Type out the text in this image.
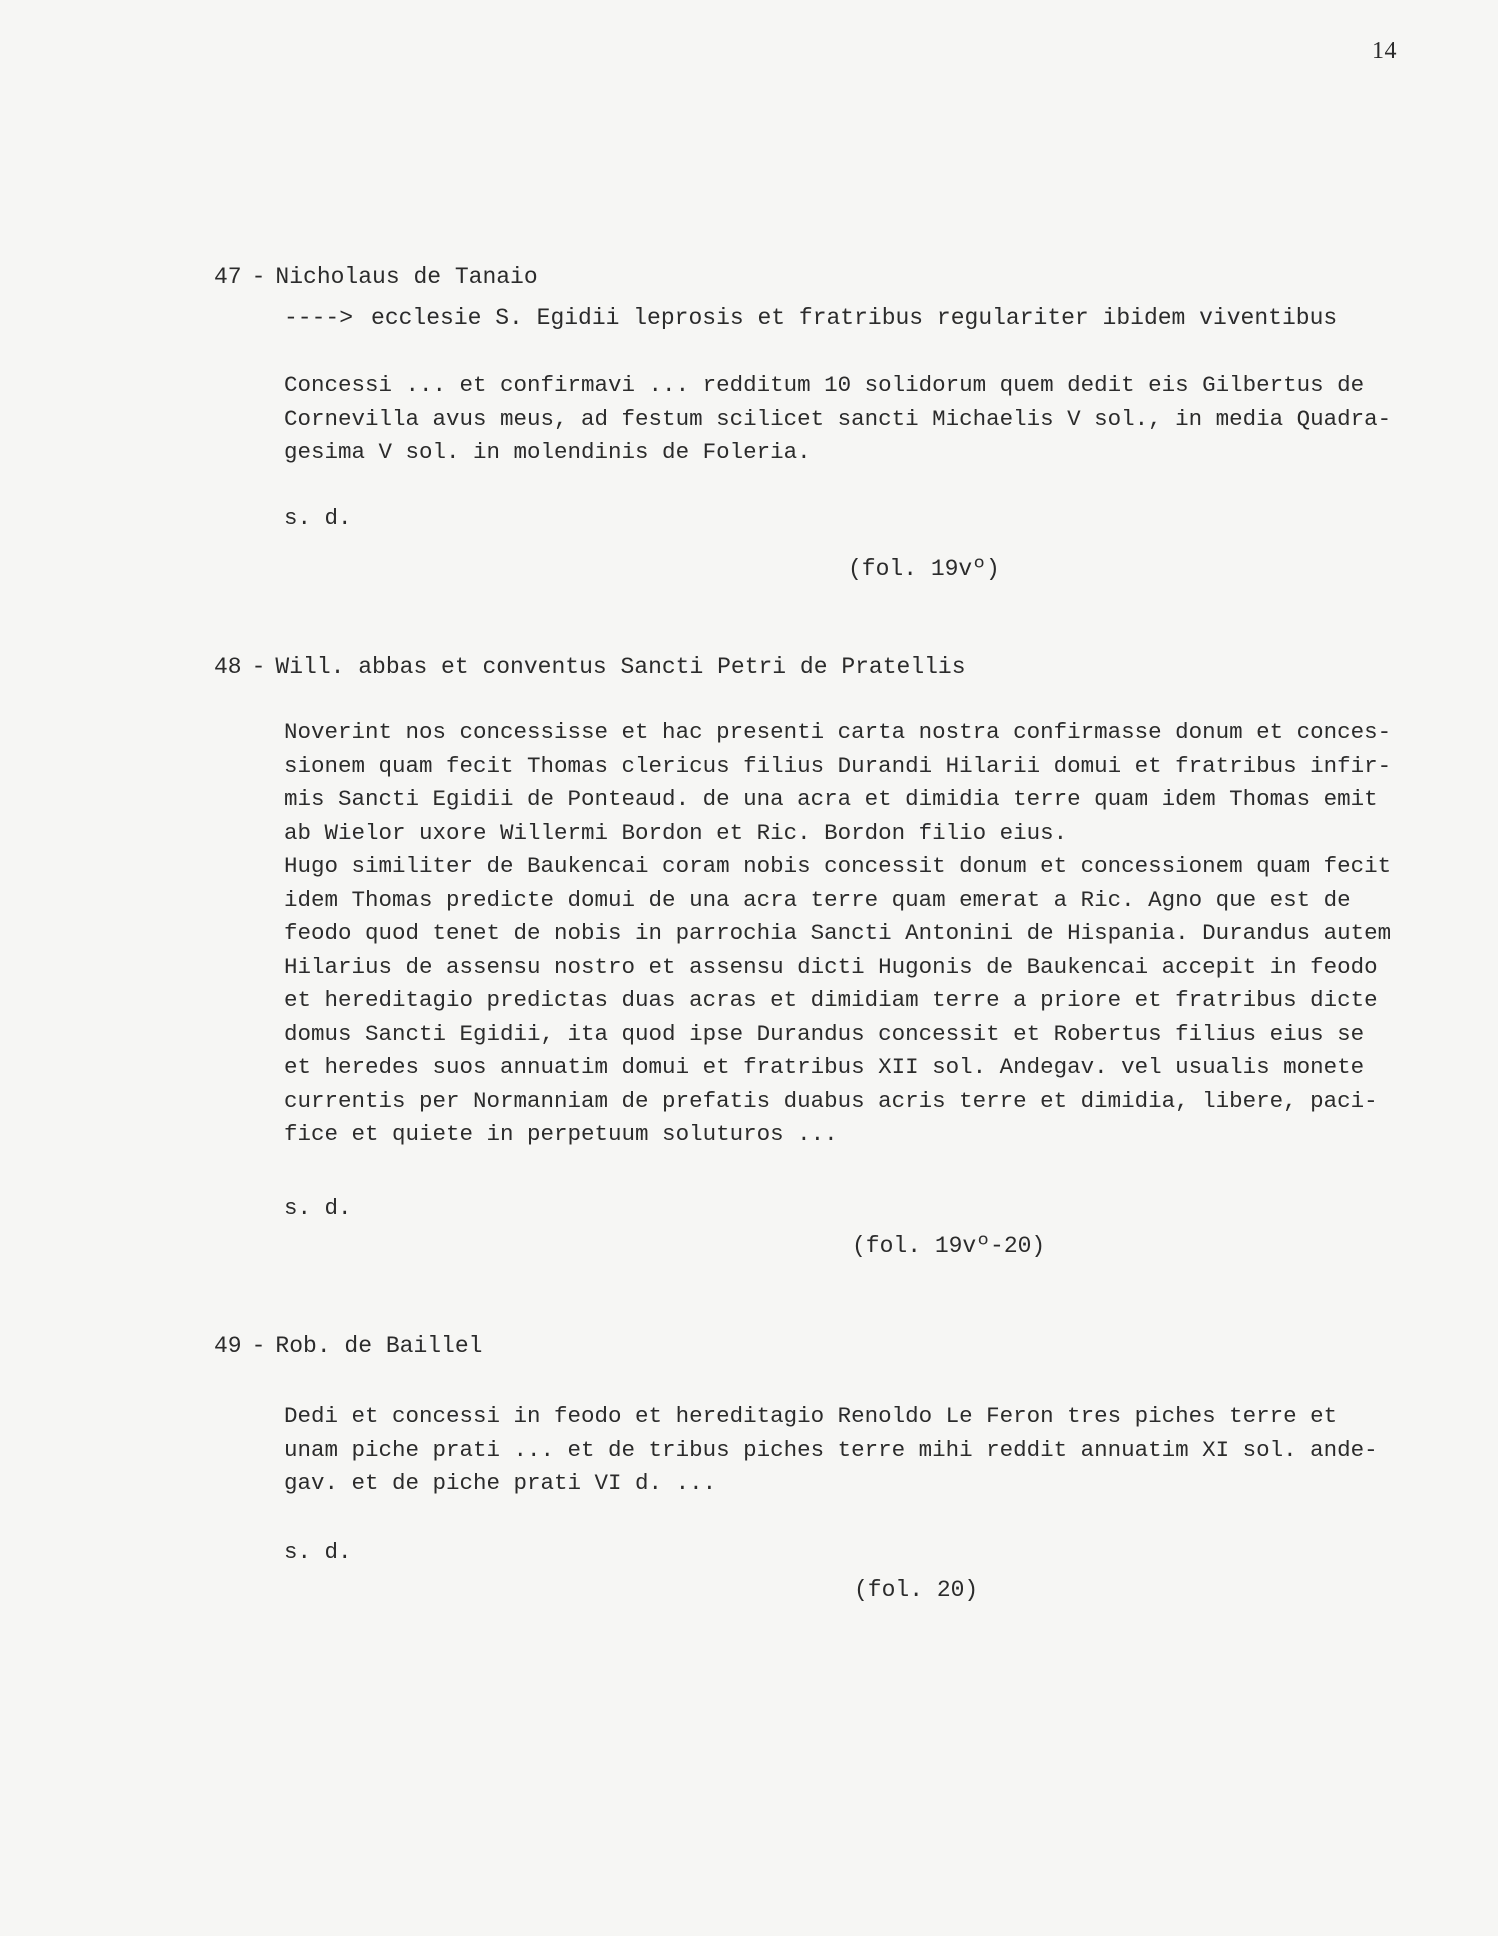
14
47 - Nicholaus de Tanaio
----> ecclesie S. Egidii leprosis et fratribus regulariter ibidem viventibus

Concessi ... et confirmavi ... redditum 10 solidorum quem dedit eis Gilbertus de

Cornevilla avus meus, ad festum scilicet sancti Michaelis V sol., in media Quadra-

gesima V sol. in molendinis de Foleria.

s. d.
(fol. 19vº)
48 - Will. abbas et conventus Sancti Petri de Pratellis

Noverint nos concessisse et hac presenti carta nostra confirmasse donum et conces-

sionem quam fecit Thomas clericus filius Durandi Hilarii domui et fratribus infir-

mis Sancti Egidii de Ponteaud. de una acra et dimidia terre quam idem Thomas emit

ab Wielor uxore Willermi Bordon et Ric. Bordon filio eius.

Hugo similiter de Baukencai coram nobis concessit donum et concessionem quam fecit

idem Thomas predicte domui de una acra terre quam emerat a Ric. Agno que est de

feodo quod tenet de nobis in parrochia Sancti Antonini de Hispania. Durandus autem

Hilarius de assensu nostro et assensu dicti Hugonis de Baukencai accepit in feodo

et hereditagio predictas duas acras et dimidiam terre a priore et fratribus dicte

domus Sancti Egidii, ita quod ipse Durandus concessit et Robertus filius eius se

et heredes suos annuatim domui et fratribus XII sol. Andegav. vel usualis monete

currentis per Normanniam de prefatis duabus acris terre et dimidia, libere, paci-

fice et quiete in perpetuum soluturos ...

s. d.
(fol. 19vº-20)
49 - Rob. de Baillel

Dedi et concessi in feodo et hereditagio Renoldo Le Feron tres piches terre et

unam piche prati ... et de tribus piches terre mihi reddit annuatim XI sol. ande-

gav. et de piche prati VI d. ...

s. d.
(fol. 20)
